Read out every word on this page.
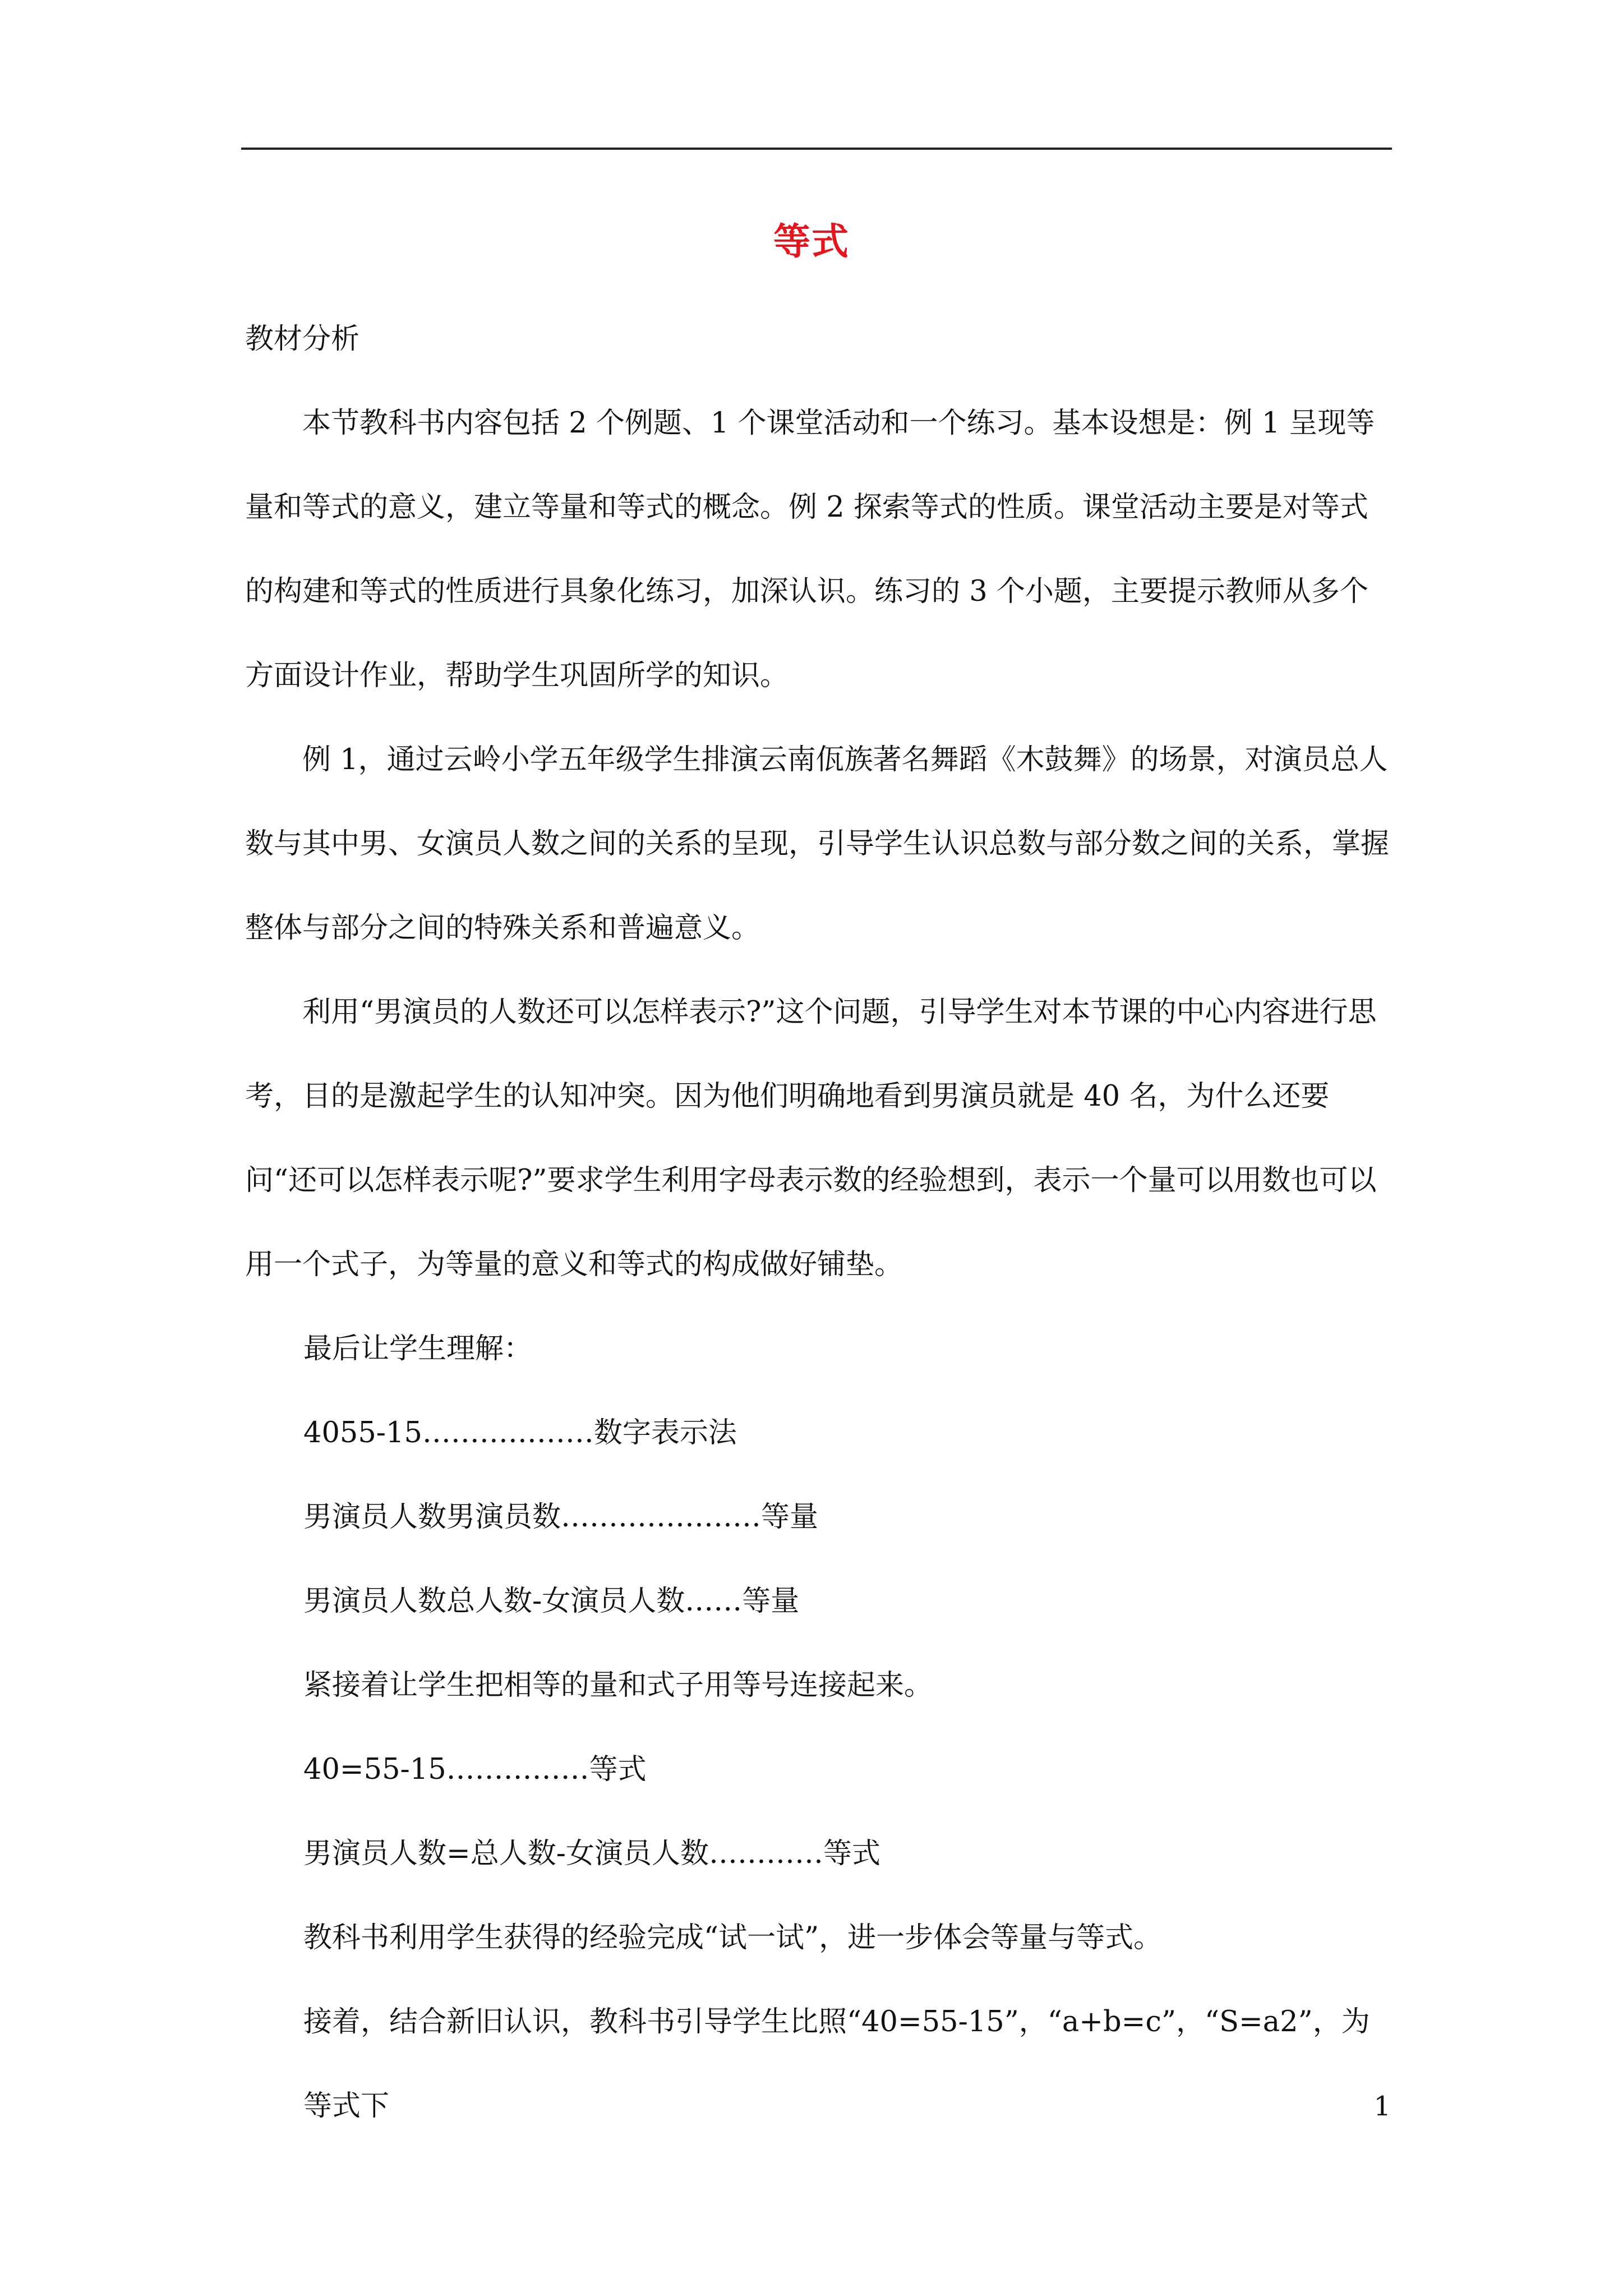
等式

教材分析

本节教科书内容包括 2 个例题、1 个课堂活动和一个练习。基本设想是：例 1 呈现等量和等式的意义，建立等量和等式的概念。例 2 探索等式的性质。课堂活动主要是对等式的构建和等式的性质进行具象化练习，加深认识。练习的 3 个小题，主要提示教师从多个方面设计作业，帮助学生巩固所学的知识。

例 1，通过云岭小学五年级学生排演云南佤族著名舞蹈《木鼓舞》的场景，对演员总人数与其中男、女演员人数之间的关系的呈现，引导学生认识总数与部分数之间的关系，掌握整体与部分之间的特殊关系和普遍意义。

利用“男演员的人数还可以怎样表示?”这个问题，引导学生对本节课的中心内容进行思考，目的是激起学生的认知冲突。因为他们明确地看到男演员就是 40 名，为什么还要问“还可以怎样表示呢?”要求学生利用字母表示数的经验想到，表示一个量可以用数也可以用一个式子，为等量的意义和等式的构成做好铺垫。

最后让学生理解：

4055-15………………数字表示法

男演员人数男演员数…………………等量

男演员人数总人数-女演员人数……等量

紧接着让学生把相等的量和式子用等号连接起来。

40=55-15……………等式

男演员人数=总人数-女演员人数…………等式

教科书利用学生获得的经验完成“试一试”，进一步体会等量与等式。

接着，结合新旧认识，教科书引导学生比照“40=55-15”，“a+b=c”，“S=a2”，为等式下	1
